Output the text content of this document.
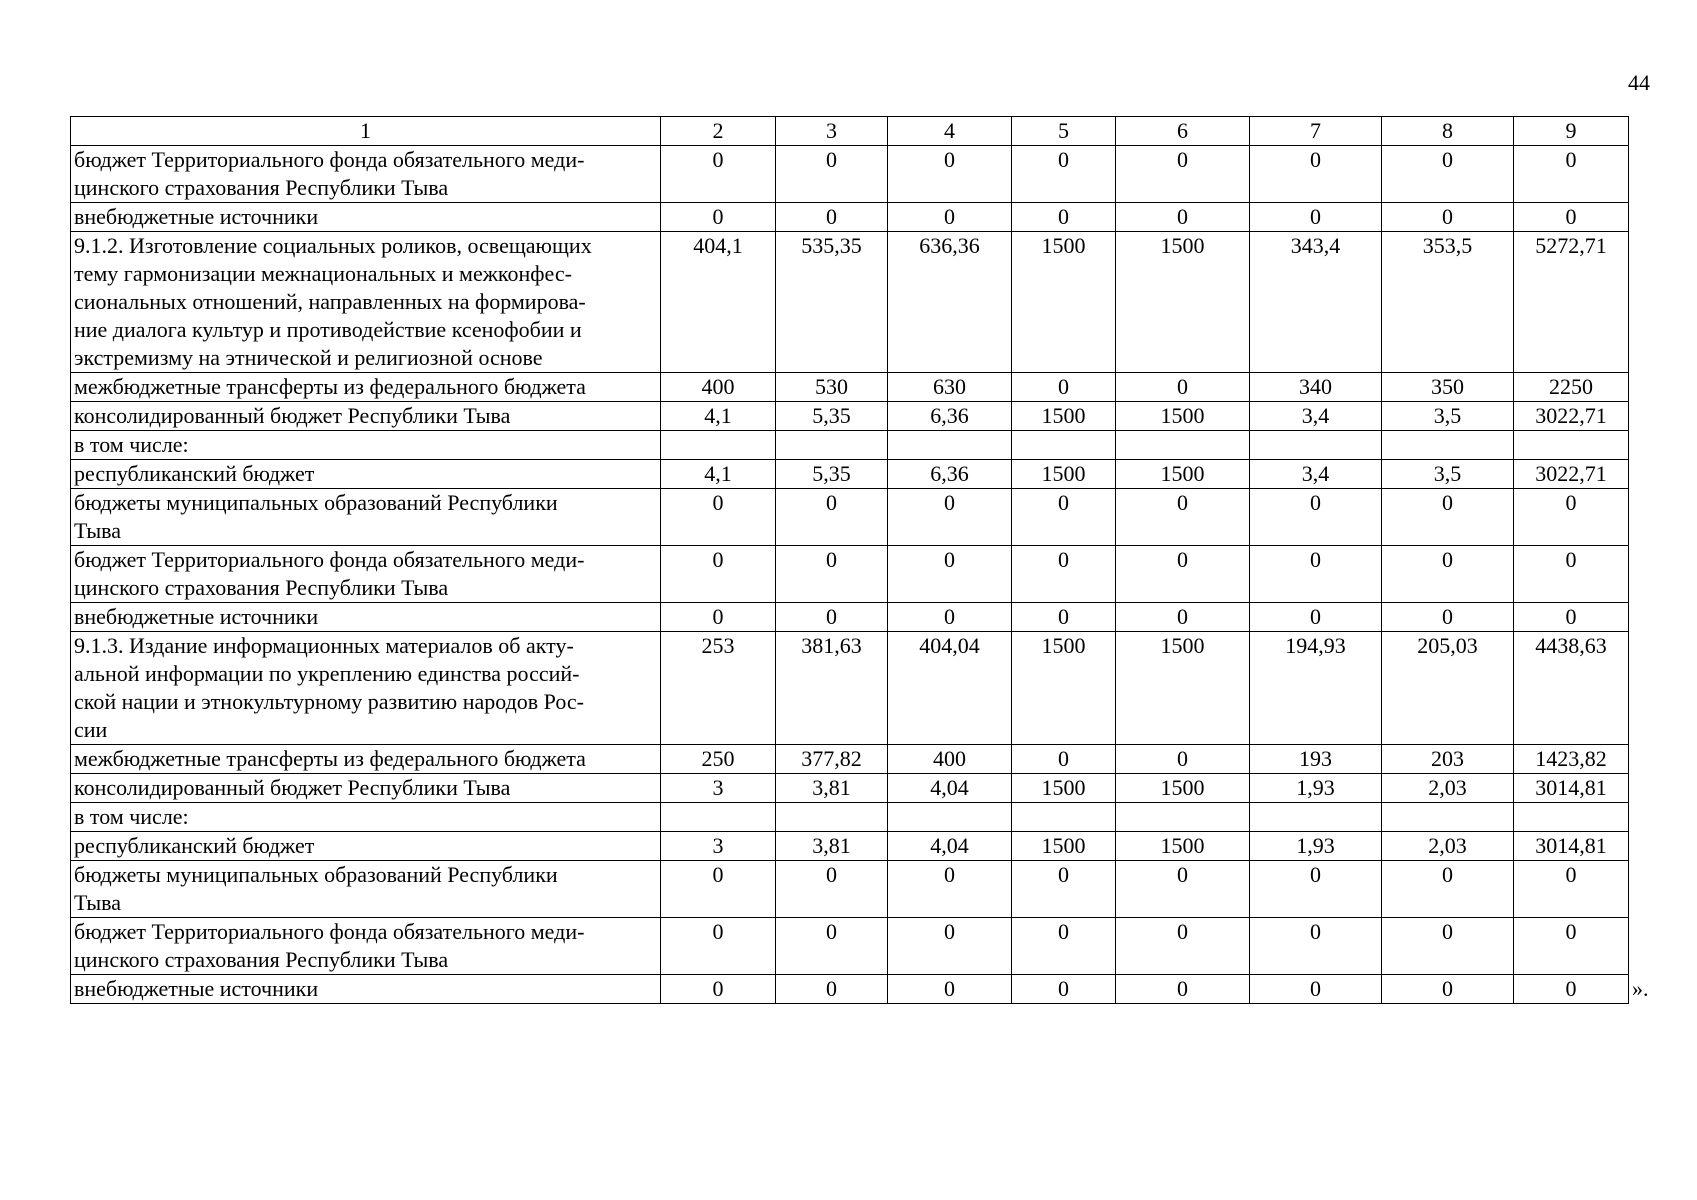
44
1	2	3	4	5	6	7	8	9
бюджет Территориального фонда обязательного меди-
цинского страхования Республики Тыва	0	0	0	0	0	0	0	0
внебюджетные источники	0	0	0	0	0	0	0	0
9.1.2. Изготовление социальных роликов, освещающих
тему гармонизации межнациональных и межконфес-
сиональных отношений, направленных на формирова-
ние диалога культур и противодействие ксенофобии и
экстремизму на этнической и религиозной основе	404,1	535,35	636,36	1500	1500	343,4	353,5	5272,71
межбюджетные трансферты из федерального бюджета	400	530	630	0	0	340	350	2250
консолидированный бюджет Республики Тыва	4,1	5,35	6,36	1500	1500	3,4	3,5	3022,71
в том числе:								
республиканский бюджет	4,1	5,35	6,36	1500	1500	3,4	3,5	3022,71
бюджеты муниципальных образований Республики
Тыва	0	0	0	0	0	0	0	0
бюджет Территориального фонда обязательного меди-
цинского страхования Республики Тыва	0	0	0	0	0	0	0	0
внебюджетные источники	0	0	0	0	0	0	0	0
9.1.3. Издание информационных материалов об акту-
альной информации по укреплению единства россий-
ской нации и этнокультурному развитию народов Рос-
сии	253	381,63	404,04	1500	1500	194,93	205,03	4438,63
межбюджетные трансферты из федерального бюджета	250	377,82	400	0	0	193	203	1423,82
консолидированный бюджет Республики Тыва	3	3,81	4,04	1500	1500	1,93	2,03	3014,81
в том числе:								
республиканский бюджет	3	3,81	4,04	1500	1500	1,93	2,03	3014,81
бюджеты муниципальных образований Республики
Тыва	0	0	0	0	0	0	0	0
бюджет Территориального фонда обязательного меди-
цинского страхования Республики Тыва	0	0	0	0	0	0	0	0
внебюджетные источники	0	0	0	0	0	0	0	0	».
